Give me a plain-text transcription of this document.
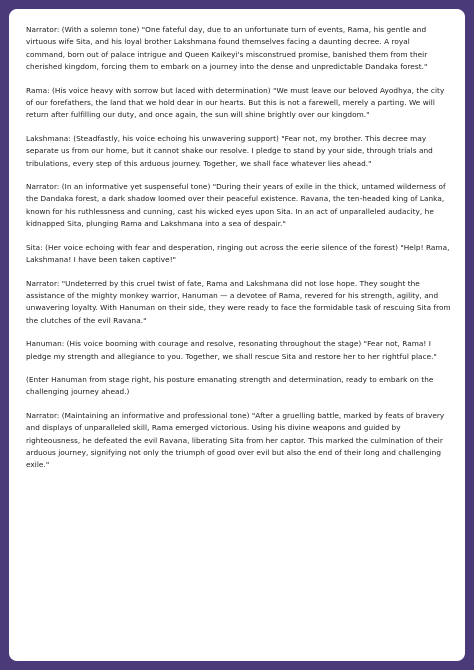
Narrator: (With a solemn tone) "One fateful day, due to an unfortunate turn of events, Rama, his gentle and virtuous wife Sita, and his loyal brother Lakshmana found themselves facing a daunting decree. A royal command, born out of palace intrigue and Queen Kaikeyi's misconstrued promise, banished them from their cherished kingdom, forcing them to embark on a journey into the dense and unpredictable Dandaka forest."

Rama: (His voice heavy with sorrow but laced with determination) "We must leave our beloved Ayodhya, the city of our forefathers, the land that we hold dear in our hearts. But this is not a farewell, merely a parting. We will return after fulfilling our duty, and once again, the sun will shine brightly over our kingdom."

Lakshmana: (Steadfastly, his voice echoing his unwavering support) "Fear not, my brother. This decree may separate us from our home, but it cannot shake our resolve. I pledge to stand by your side, through trials and tribulations, every step of this arduous journey. Together, we shall face whatever lies ahead."

Narrator: (In an informative yet suspenseful tone) "During their years of exile in the thick, untamed wilderness of the Dandaka forest, a dark shadow loomed over their peaceful existence. Ravana, the ten-headed king of Lanka, known for his ruthlessness and cunning, cast his wicked eyes upon Sita. In an act of unparalleled audacity, he kidnapped Sita, plunging Rama and Lakshmana into a sea of despair."

Sita: (Her voice echoing with fear and desperation, ringing out across the eerie silence of the forest) "Help! Rama, Lakshmana! I have been taken captive!"

Narrator: "Undeterred by this cruel twist of fate, Rama and Lakshmana did not lose hope. They sought the assistance of the mighty monkey warrior, Hanuman — a devotee of Rama, revered for his strength, agility, and unwavering loyalty. With Hanuman on their side, they were ready to face the formidable task of rescuing Sita from the clutches of the evil Ravana."

Hanuman: (His voice booming with courage and resolve, resonating throughout the stage) "Fear not, Rama! I pledge my strength and allegiance to you. Together, we shall rescue Sita and restore her to her rightful place."

(Enter Hanuman from stage right, his posture emanating strength and determination, ready to embark on the challenging journey ahead.)

Narrator: (Maintaining an informative and professional tone) "After a gruelling battle, marked by feats of bravery and displays of unparalleled skill, Rama emerged victorious. Using his divine weapons and guided by righteousness, he defeated the evil Ravana, liberating Sita from her captor. This marked the culmination of their arduous journey, signifying not only the triumph of good over evil but also the end of their long and challenging exile."
